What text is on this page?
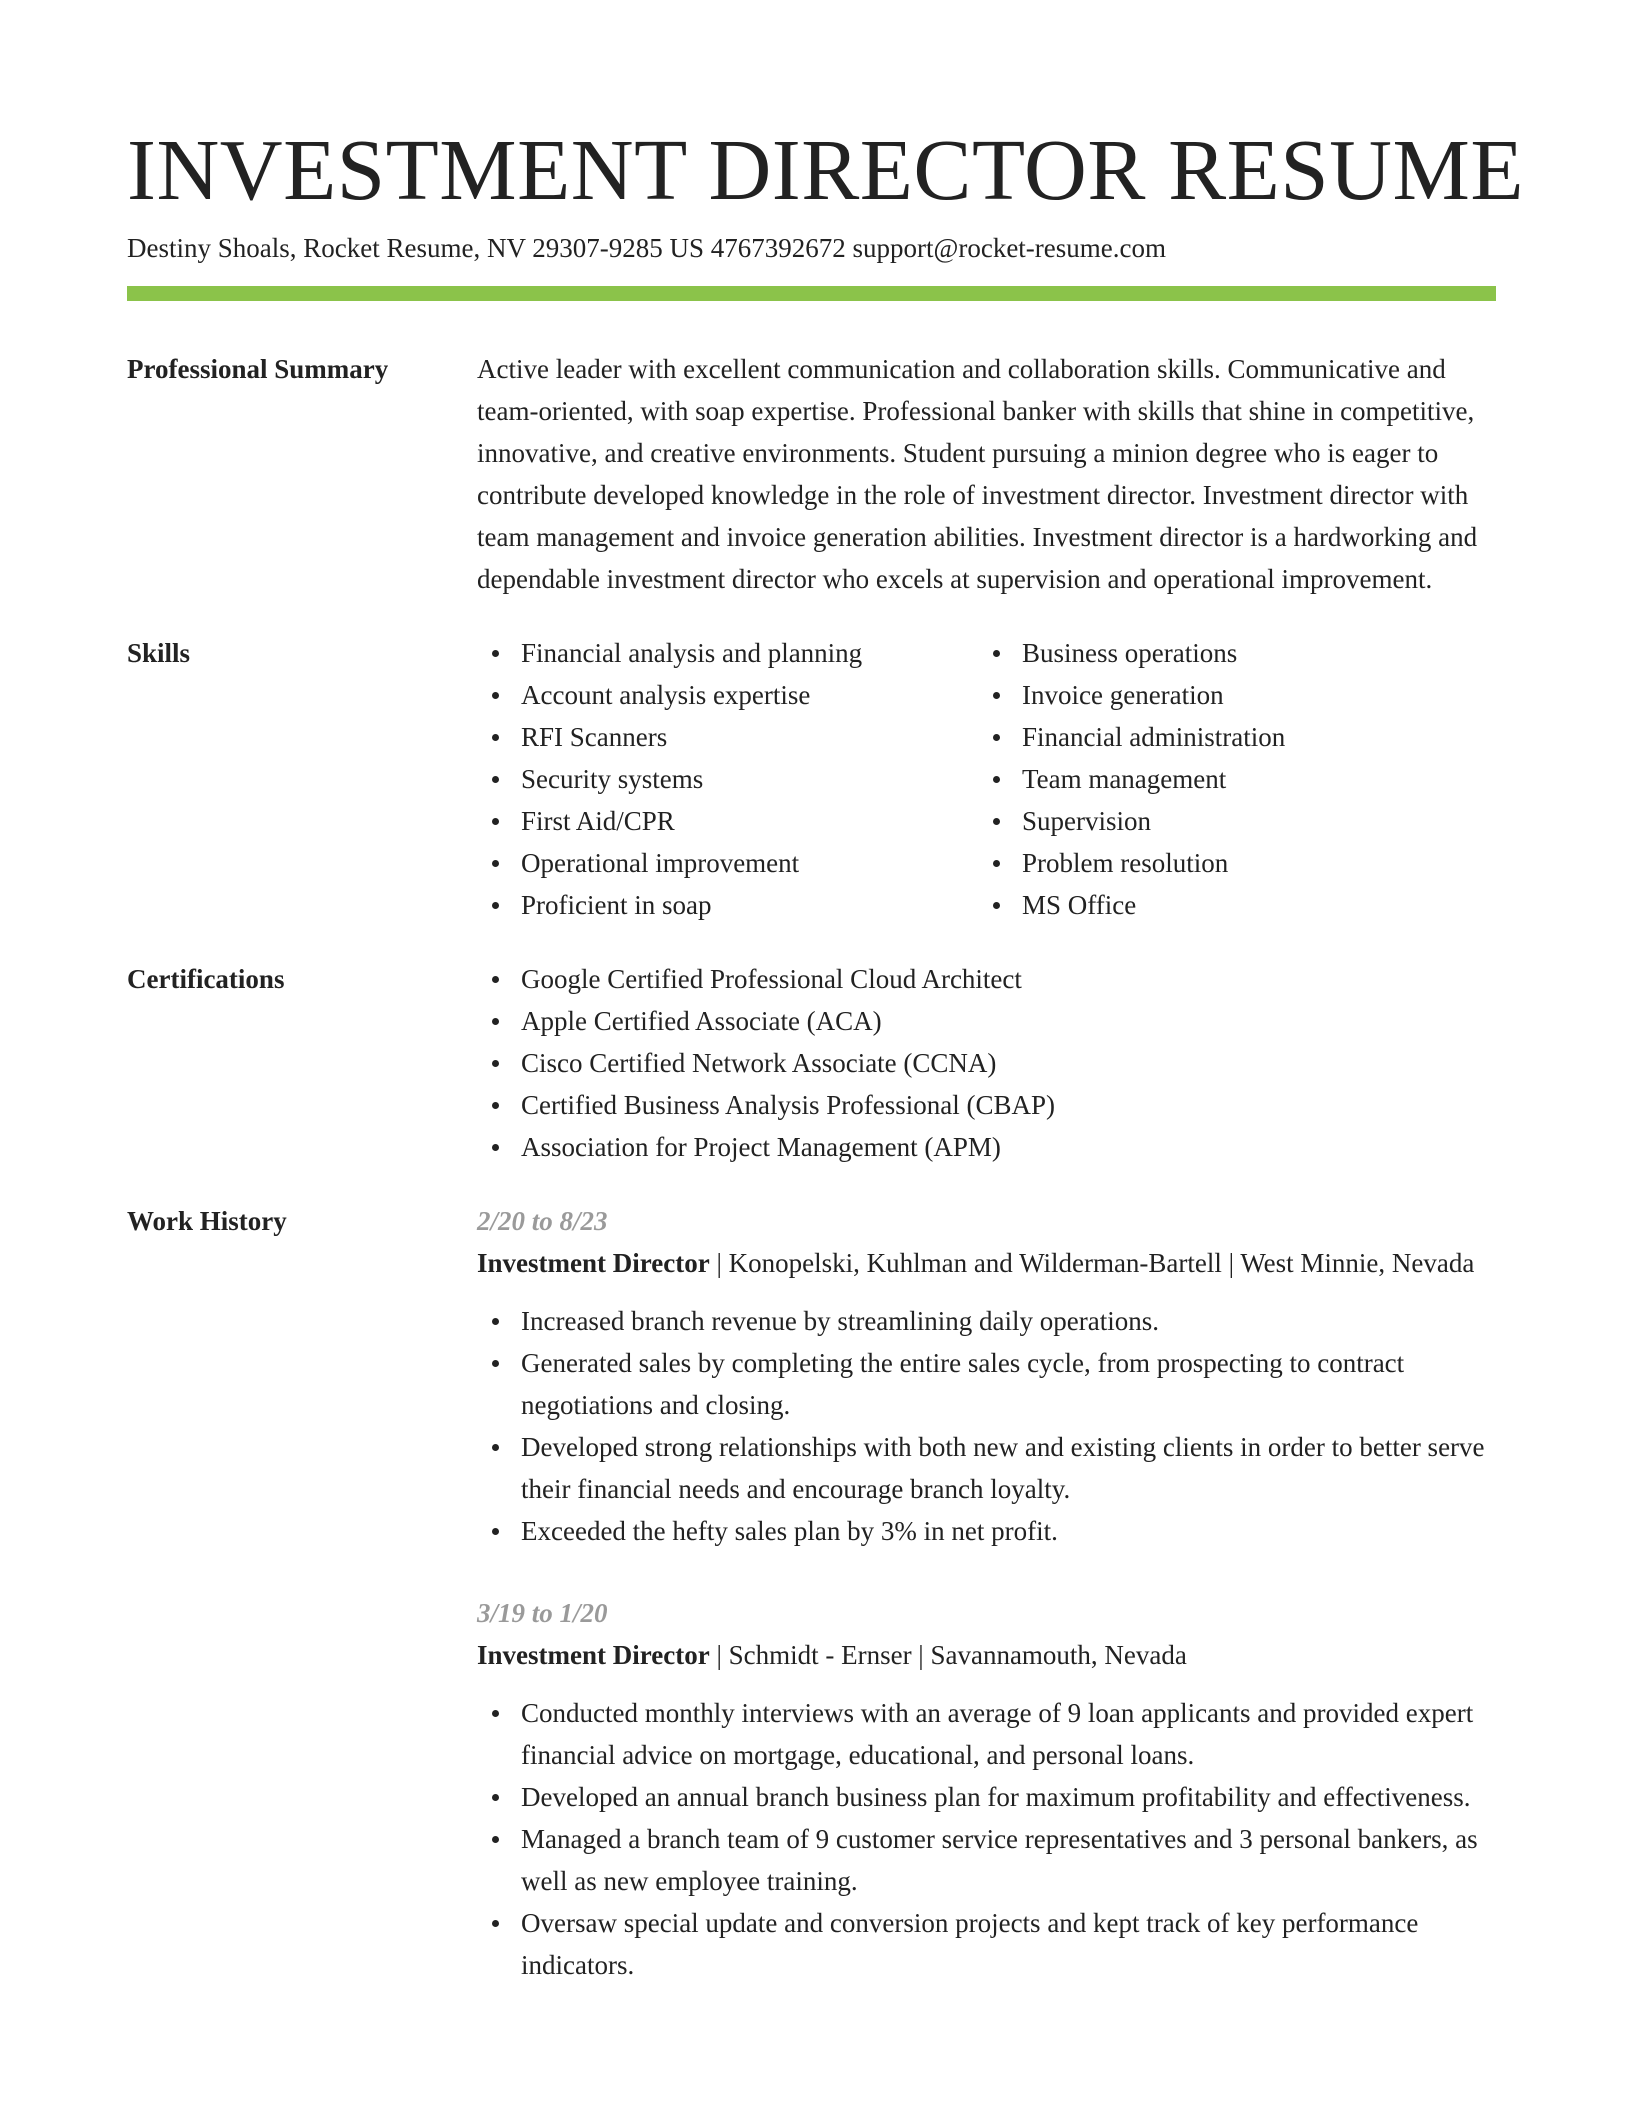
INVESTMENT DIRECTOR RESUME
Destiny Shoals, Rocket Resume, NV 29307-9285 US 4767392672 support@rocket-resume.com
Professional Summary	Active leader with excellent communication and collaboration skills. Communicative and team-oriented, with soap expertise. Professional banker with skills that shine in competitive, innovative, and creative environments. Student pursuing a minion degree who is eager to contribute developed knowledge in the role of investment director. Investment director with team management and invoice generation abilities. Investment director is a hardworking and dependable investment director who excels at supervision and operational improvement.

Skills	Financial analysis and planning
Account analysis expertise
RFI Scanners
Security systems
First Aid/CPR
Operational improvement
Proficient in soap
Business operations
Invoice generation
Financial administration
Team management
Supervision
Problem resolution
MS Office
Certifications	Google Certified Professional Cloud Architect
Apple Certified Associate (ACA)
Cisco Certified Network Associate (CCNA)
Certified Business Analysis Professional (CBAP)
Association for Project Management (APM)
Work History	2/20 to 8/23
Investment Director | Konopelski, Kuhlman and Wilderman-Bartell | West Minnie, Nevada
Increased branch revenue by streamlining daily operations.
Generated sales by completing the entire sales cycle, from prospecting to contract negotiations and closing.
Developed strong relationships with both new and existing clients in order to better serve their financial needs and encourage branch loyalty.
Exceeded the hefty sales plan by 3% in net profit.
3/19 to 1/20
Investment Director | Schmidt - Ernser | Savannamouth, Nevada
Conducted monthly interviews with an average of 9 loan applicants and provided expert financial advice on mortgage, educational, and personal loans.
Developed an annual branch business plan for maximum profitability and effectiveness.
Managed a branch team of 9 customer service representatives and 3 personal bankers, as well as new employee training.
Oversaw special update and conversion projects and kept track of key performance indicators.
